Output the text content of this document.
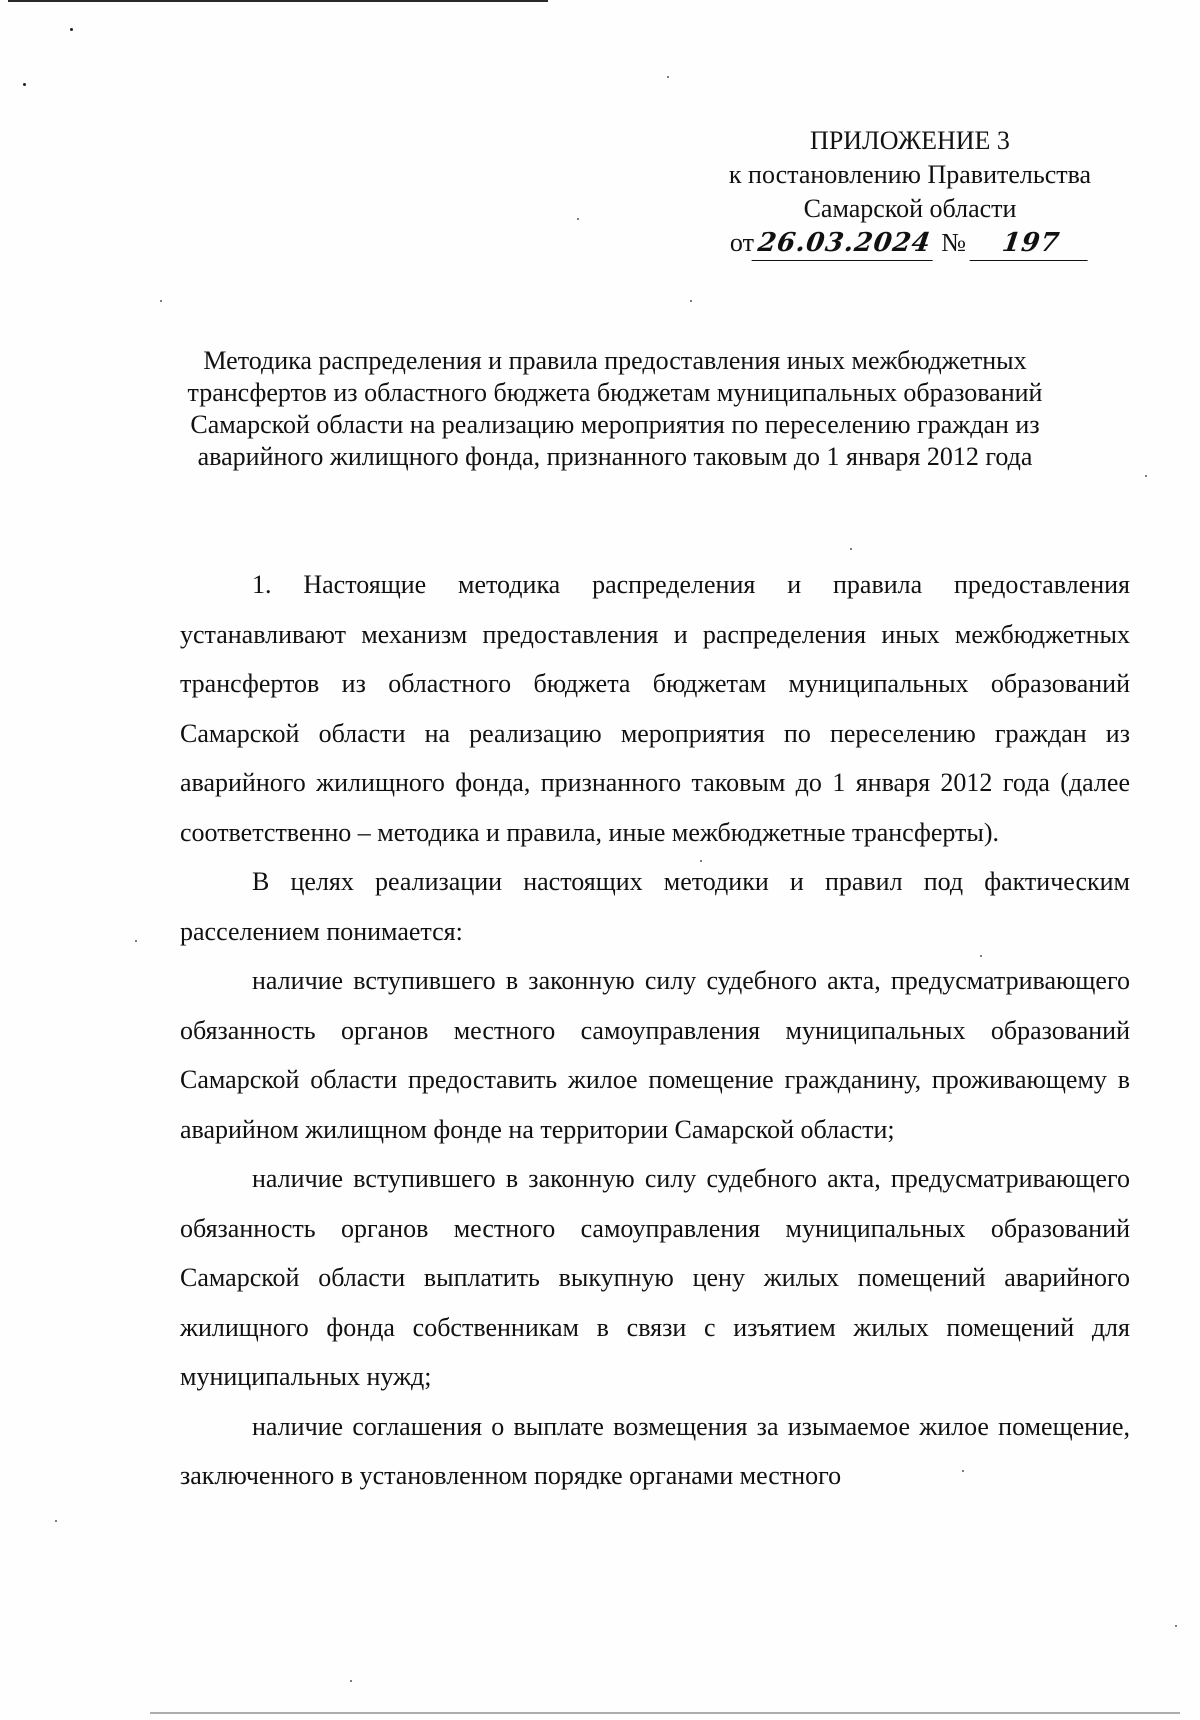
ПРИЛОЖЕНИЕ 3
к постановлению Правительства
Самарской области
от26.03.2024 № 197
Методика распределения и правила предоставления иных межбюджетных трансфертов из областного бюджета бюджетам муниципальных образований Самарской области на реализацию мероприятия по переселению граждан из аварийного жилищного фонда, признанного таковым до 1 января 2012 года

1. Настоящие методика распределения и правила предоставления устанавливают механизм предоставления и распределения иных межбюджетных трансфертов из областного бюджета бюджетам муниципальных образований Самарской области на реализацию мероприятия по переселению граждан из аварийного жилищного фонда, признанного таковым до 1 января 2012 года (далее соответственно – методика и правила, иные межбюджетные трансферты).

В целях реализации настоящих методики и правил под фактическим расселением понимается:

наличие вступившего в законную силу судебного акта, предусматривающего обязанность органов местного самоуправления муниципальных образований Самарской области предоставить жилое помещение гражданину, проживающему в аварийном жилищном фонде на территории Самарской области;

наличие вступившего в законную силу судебного акта, предусматривающего обязанность органов местного самоуправления муниципальных образований Самарской области выплатить выкупную цену жилых помещений аварийного жилищного фонда собственникам в связи с изъятием жилых помещений для муниципальных нужд;

наличие соглашения о выплате возмещения за изымаемое жилое помещение, заключенного в установленном порядке органами местного
